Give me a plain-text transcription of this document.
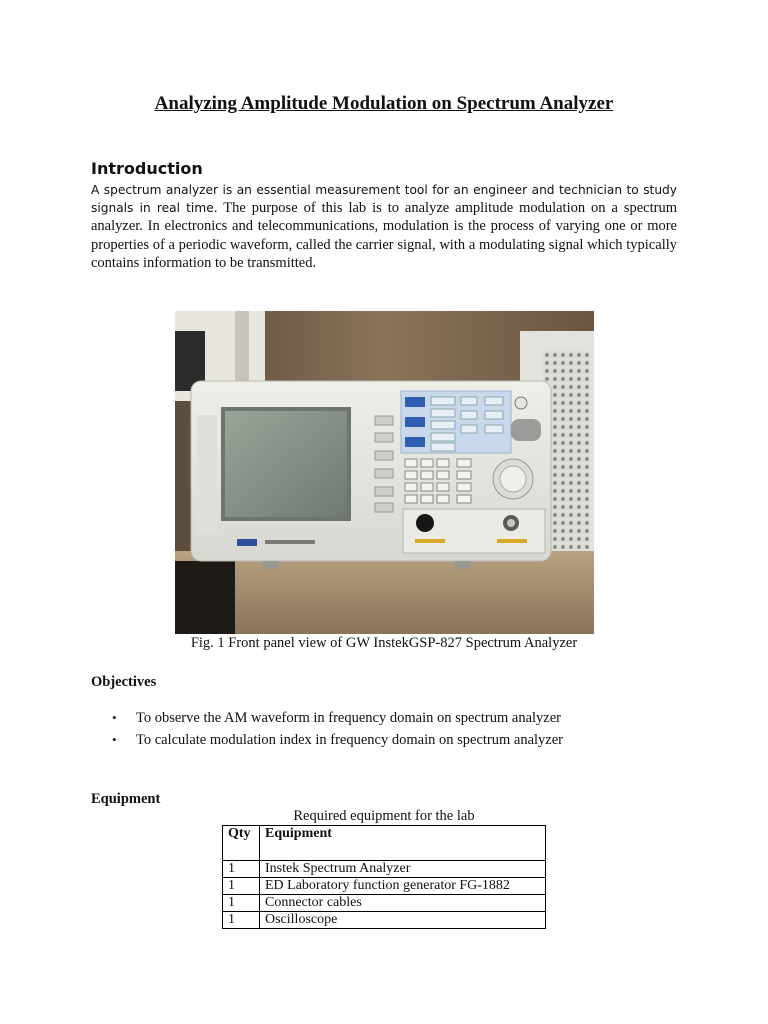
Analyzing Amplitude Modulation on Spectrum Analyzer
Introduction

A spectrum analyzer is an essential measurement tool for an engineer and technician to study signals in real time. The purpose of this lab is to analyze amplitude modulation on a spectrum analyzer. In electronics and telecommunications, modulation is the process of varying one or more properties of a periodic waveform, called the carrier signal, with a modulating signal which typically contains information to be transmitted.

Fig. 1 Front panel view of GW InstekGSP-827 Spectrum Analyzer

Objectives
• To observe the AM waveform in frequency domain on spectrum analyzer
• To calculate modulation index in frequency domain on spectrum analyzer
Equipment

Required equipment for the lab

Qty	Equipment
1	Instek Spectrum Analyzer
1	ED Laboratory function generator FG-1882
1	Connector cables
1	Oscilloscope
